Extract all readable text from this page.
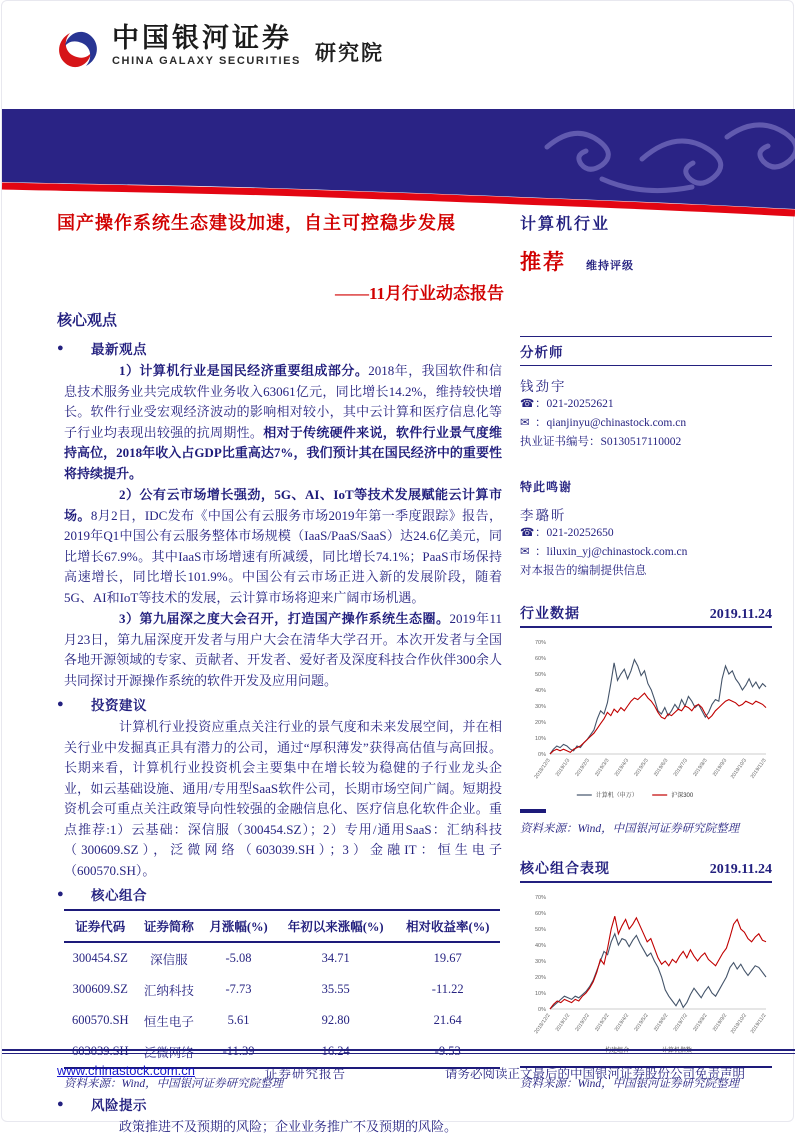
中国银河证券
CHINA GALAXY SECURITIES 研究院
行业研究报告●计算机行业	2019年11月24日
国产操作系统生态建设加速，自主可控稳步发展
——11月行业动态报告
核心观点
●	最新观点

1）计算机行业是国民经济重要组成部分。2018年，我国软件和信息技术服务业共完成软件业务收入63061亿元，同比增长14.2%，维持较快增长。软件行业受宏观经济波动的影响相对较小，其中云计算和医疗信息化等子行业均表现出较强的抗周期性。相对于传统硬件来说，软件行业景气度维持高位，2018年收入占GDP比重高达7%，我们预计其在国民经济中的重要性将持续提升。

2）公有云市场增长强劲，5G、AI、IoT等技术发展赋能云计算市场。8月2日，IDC发布《中国公有云服务市场2019年第一季度跟踪》报告，2019年Q1中国公有云服务整体市场规模（IaaS/PaaS/SaaS）达24.6亿美元，同比增长67.9%。其中IaaS市场增速有所减缓，同比增长74.1%；PaaS市场保持高速增长，同比增长101.9%。中国公有云市场正进入新的发展阶段，随着5G、AI和IoT等技术的发展，云计算市场将迎来广阔市场机遇。

3）第九届深之度大会召开，打造国产操作系统生态圈。2019年11月23日，第九届深度开发者与用户大会在清华大学召开。本次开发者与全国各地开源领域的专家、贡献者、开发者、爱好者及深度科技合作伙伴300余人共同探讨开源操作系统的软件开发及应用问题。

●	投资建议

计算机行业投资应重点关注行业的景气度和未来发展空间，并在相关行业中发掘真正具有潜力的公司，通过“厚积薄发”获得高估值与高回报。长期来看，计算机行业投资机会主要集中在增长较为稳健的子行业龙头企业，如云基础设施、通用/专用型SaaS软件公司，长期市场空间广阔。短期投资机会可重点关注政策导向性较强的金融信息化、医疗信息化软件企业。重点推荐:1）云基础：深信服（300454.SZ）；2）专用/通用SaaS：汇纳科技（300609.SZ），泛微网络（603039.SH）；3）金融IT：恒生电子（600570.SH）。

●	核心组合
证券代码	证券简称	月涨幅(%)	年初以来涨幅(%)	相对收益率(%)
300454.SZ	深信服	-5.08	34.71	19.67
300609.SZ	汇纳科技	-7.73	35.55	-11.22
600570.SH	恒生电子	5.61	92.80	21.64
603039.SH	泛微网络	-11.39	16.24	-9.53
资料来源：Wind，中国银河证券研究院整理
●	风险提示

政策推进不及预期的风险；企业业务推广不及预期的风险。

计算机行业
推荐 维持评级
分析师
钱劲宇
☎：021-20252621
✉：qianjinyu@chinastock.com.cn
执业证书编号：S0130517110002
特此鸣谢
李璐昕
☎：021-20252650
✉：liluxin_yj@chinastock.com.cn
对本报告的编制提供信息
行业数据	2019.11.24
0%
10%
20%
30%
40%
50%
60%
70%
2018/12/3 2019/1/3 2019/2/3 2019/3/3 2019/4/3 2019/5/3 2019/6/3 2019/7/3 2019/8/3 2019/9/3 2019/10/3 2019/11/3
计算机（申万）	沪深300
资料来源：Wind，中国银河证券研究院整理
核心组合表现	2019.11.24
0%
10%
20%
30%
40%
50%
60%
70%
2018/12/2 2019/1/2 2019/2/2 2019/3/2 2019/4/2 2019/5/2 2019/6/2 2019/7/2 2019/8/2 2019/9/2 2019/10/2 2019/11/2
构建组合	计算机指数
资料来源：Wind，中国银河证券研究院整理
www.chinastock.com.cn	证券研究报告	请务必阅读正文最后的中国银河证券股份公司免责声明
